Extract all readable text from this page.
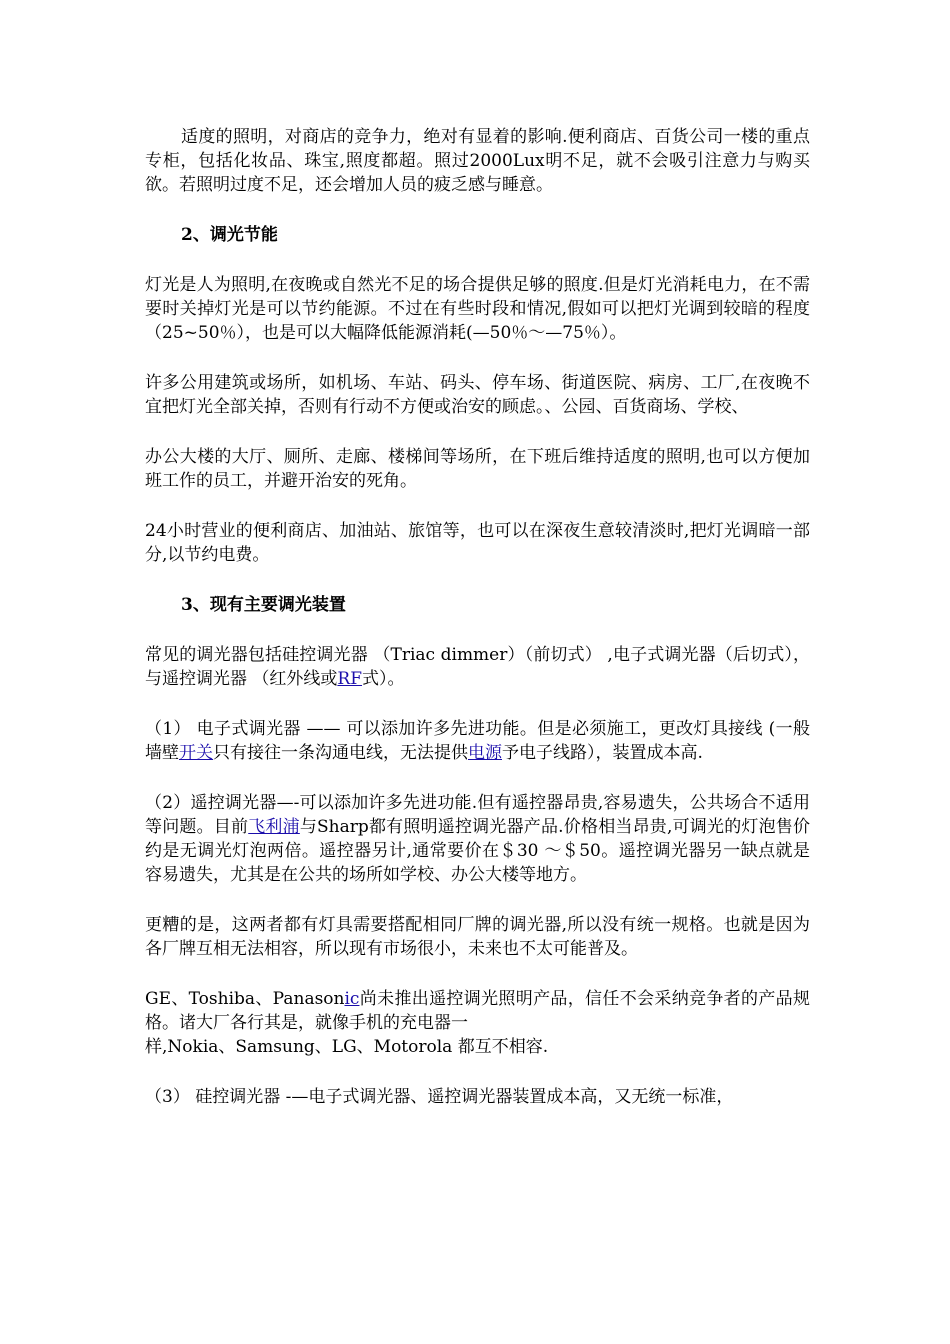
适度的照明，对商店的竞争力，绝对有显着的影响.便利商店、百货公司一楼的重点专柜，包括化妆品、珠宝,照度都超。照过2000Lux明不足，就不会吸引注意力与购买欲。若照明过度不足，还会增加人员的疲乏感与睡意。

2、调光节能

灯光是人为照明,在夜晚或自然光不足的场合提供足够的照度.但是灯光消耗电力，在不需要时关掉灯光是可以节约能源。不过在有些时段和情况,假如可以把灯光调到较暗的程度 （25~50％），也是可以大幅降低能源消耗(—50％～—75％）。

许多公用建筑或场所，如机场、车站、码头、停车场、街道医院、病房、工厂,在夜晚不宜把灯光全部关掉，否则有行动不方便或治安的顾虑。、公园、百货商场、学校、

办公大楼的大厅、厕所、走廊、楼梯间等场所，在下班后维持适度的照明,也可以方便加班工作的员工，并避开治安的死角。

24小时营业的便利商店、加油站、旅馆等，也可以在深夜生意较清淡时,把灯光调暗一部分,以节约电费。

3、现有主要调光装置

常见的调光器包括硅控调光器 （Triac dimmer）（前切式） ,电子式调光器（后切式），与遥控调光器 （红外线或RF式）。

（1） 电子式调光器 —— 可以添加许多先进功能。但是必须施工，更改灯具接线 (一般墙壁开关只有接往一条沟通电线，无法提供电源予电子线路），装置成本高.

（2）遥控调光器—-可以添加许多先进功能.但有遥控器昂贵,容易遗失，公共场合不适用等问题。目前飞利浦与Sharp都有照明遥控调光器产品.价格相当昂贵,可调光的灯泡售价约是无调光灯泡两倍。遥控器另计,通常要价在＄30 ～＄50。遥控调光器另一缺点就是容易遗失，尤其是在公共的场所如学校、办公大楼等地方。

更糟的是，这两者都有灯具需要搭配相同厂牌的调光器,所以没有统一规格。也就是因为各厂牌互相无法相容，所以现有市场很小，未来也不太可能普及。

GE、Toshiba、Panasonic尚未推出遥控调光照明产品，信任不会采纳竞争者的产品规格。诸大厂各行其是，就像手机的充电器一
样,Nokia、Samsung、LG、Motorola 都互不相容.

（3） 硅控调光器 -—电子式调光器、遥控调光器装置成本高，又无统一标准，
